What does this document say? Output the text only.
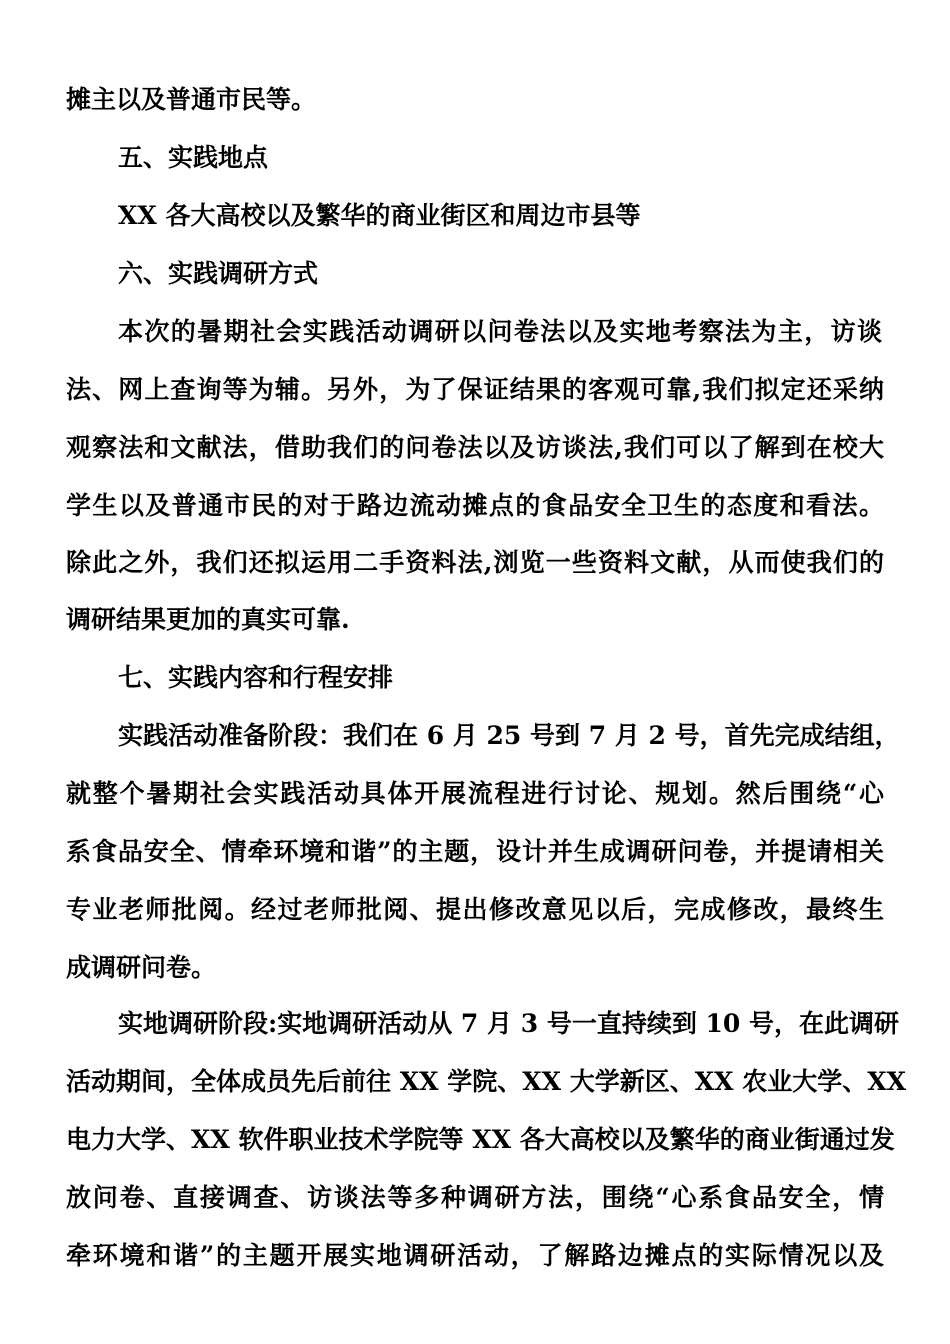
摊主以及普通市民等。
五、实践地点
XX 各大高校以及繁华的商业街区和周边市县等
六、实践调研方式
本次的暑期社会实践活动调研以问卷法以及实地考察法为主，访谈
法、网上查询等为辅。另外，为了保证结果的客观可靠,我们拟定还采纳
观察法和文献法，借助我们的问卷法以及访谈法,我们可以了解到在校大
学生以及普通市民的对于路边流动摊点的食品安全卫生的态度和看法。
除此之外，我们还拟运用二手资料法,浏览一些资料文献，从而使我们的
调研结果更加的真实可靠.
七、实践内容和行程安排
实践活动准备阶段：我们在 6 月 25 号到 7 月 2 号，首先完成结组，
就整个暑期社会实践活动具体开展流程进行讨论、规划。然后围绕“心
系食品安全、情牵环境和谐”的主题，设计并生成调研问卷，并提请相关
专业老师批阅。经过老师批阅、提出修改意见以后，完成修改，最终生
成调研问卷。
实地调研阶段:实地调研活动从 7 月 3 号一直持续到 10 号，在此调研
活动期间，全体成员先后前往 XX 学院、XX 大学新区、XX 农业大学、XX
电力大学、XX 软件职业技术学院等 XX 各大高校以及繁华的商业街通过发
放问卷、直接调查、访谈法等多种调研方法，围绕“心系食品安全，情
牵环境和谐”的主题开展实地调研活动，了解路边摊点的实际情况以及
